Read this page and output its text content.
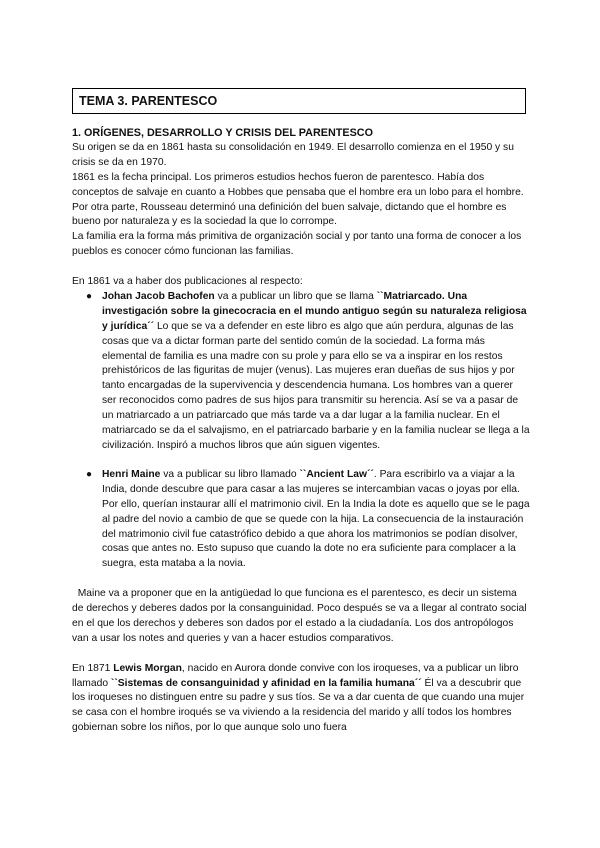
TEMA 3. PARENTESCO

1. ORÍGENES, DESARROLLO Y CRISIS DEL PARENTESCO

Su origen se da en 1861 hasta su consolidación en 1949. El desarrollo comienza en el 1950 y su crisis se da en 1970.

1861 es la fecha principal. Los primeros estudios hechos fueron de parentesco. Había dos conceptos de salvaje en cuanto a Hobbes que pensaba que el hombre era un lobo para el hombre. Por otra parte, Rousseau determinó una definición del buen salvaje, dictando que el hombre es bueno por naturaleza y es la sociedad la que lo corrompe.

La familia era la forma más primitiva de organización social y por tanto una forma de conocer a los pueblos es conocer cómo funcionan las familias.

En 1861 va a haber dos publicaciones al respecto:

● Johan Jacob Bachofen va a publicar un libro que se llama ``Matriarcado. Una investigación sobre la ginecocracia en el mundo antiguo según su naturaleza religiosa y jurídica´´ Lo que se va a defender en este libro es algo que aún perdura, algunas de las cosas que va a dictar forman parte del sentido común de la sociedad. La forma más elemental de familia es una madre con su prole y para ello se va a inspirar en los restos prehistóricos de las figuritas de mujer (venus). Las mujeres eran dueñas de sus hijos y por tanto encargadas de la supervivencia y descendencia humana. Los hombres van a querer ser reconocidos como padres de sus hijos para transmitir su herencia. Así se va a pasar de un matriarcado a un patriarcado que más tarde va a dar lugar a la familia nuclear. En el matriarcado se da el salvajismo, en el patriarcado barbarie y en la familia nuclear se llega a la civilización. Inspiró a muchos libros que aún siguen vigentes.
● Henri Maine va a publicar su libro llamado ``Ancient Law´´. Para escribirlo va a viajar a la India, donde descubre que para casar a las mujeres se intercambian vacas o joyas por ella. Por ello, querían instaurar allí el matrimonio civil. En la India la dote es aquello que se le paga al padre del novio a cambio de que se quede con la hija. La consecuencia de la instauración del matrimonio civil fue catastrófico debido a que ahora los matrimonios se podían disolver, cosas que antes no. Esto supuso que cuando la dote no era suficiente para complacer a la suegra, esta mataba a la novia.

Maine va a proponer que en la antigüedad lo que funciona es el parentesco, es decir un sistema de derechos y deberes dados por la consanguinidad. Poco después se va a llegar al contrato social en el que los derechos y deberes son dados por el estado a la ciudadanía. Los dos antropólogos van a usar los notes and queries y van a hacer estudios comparativos.

En 1871 Lewis Morgan, nacido en Aurora donde convive con los iroqueses, va a publicar un libro llamado ``Sistemas de consanguinidad y afinidad en la familia humana´´ Él va a descubrir que los iroqueses no distinguen entre su padre y sus tíos. Se va a dar cuenta de que cuando una mujer se casa con el hombre iroqués se va viviendo a la residencia del marido y allí todos los hombres gobiernan sobre los niños, por lo que aunque solo uno fuera
